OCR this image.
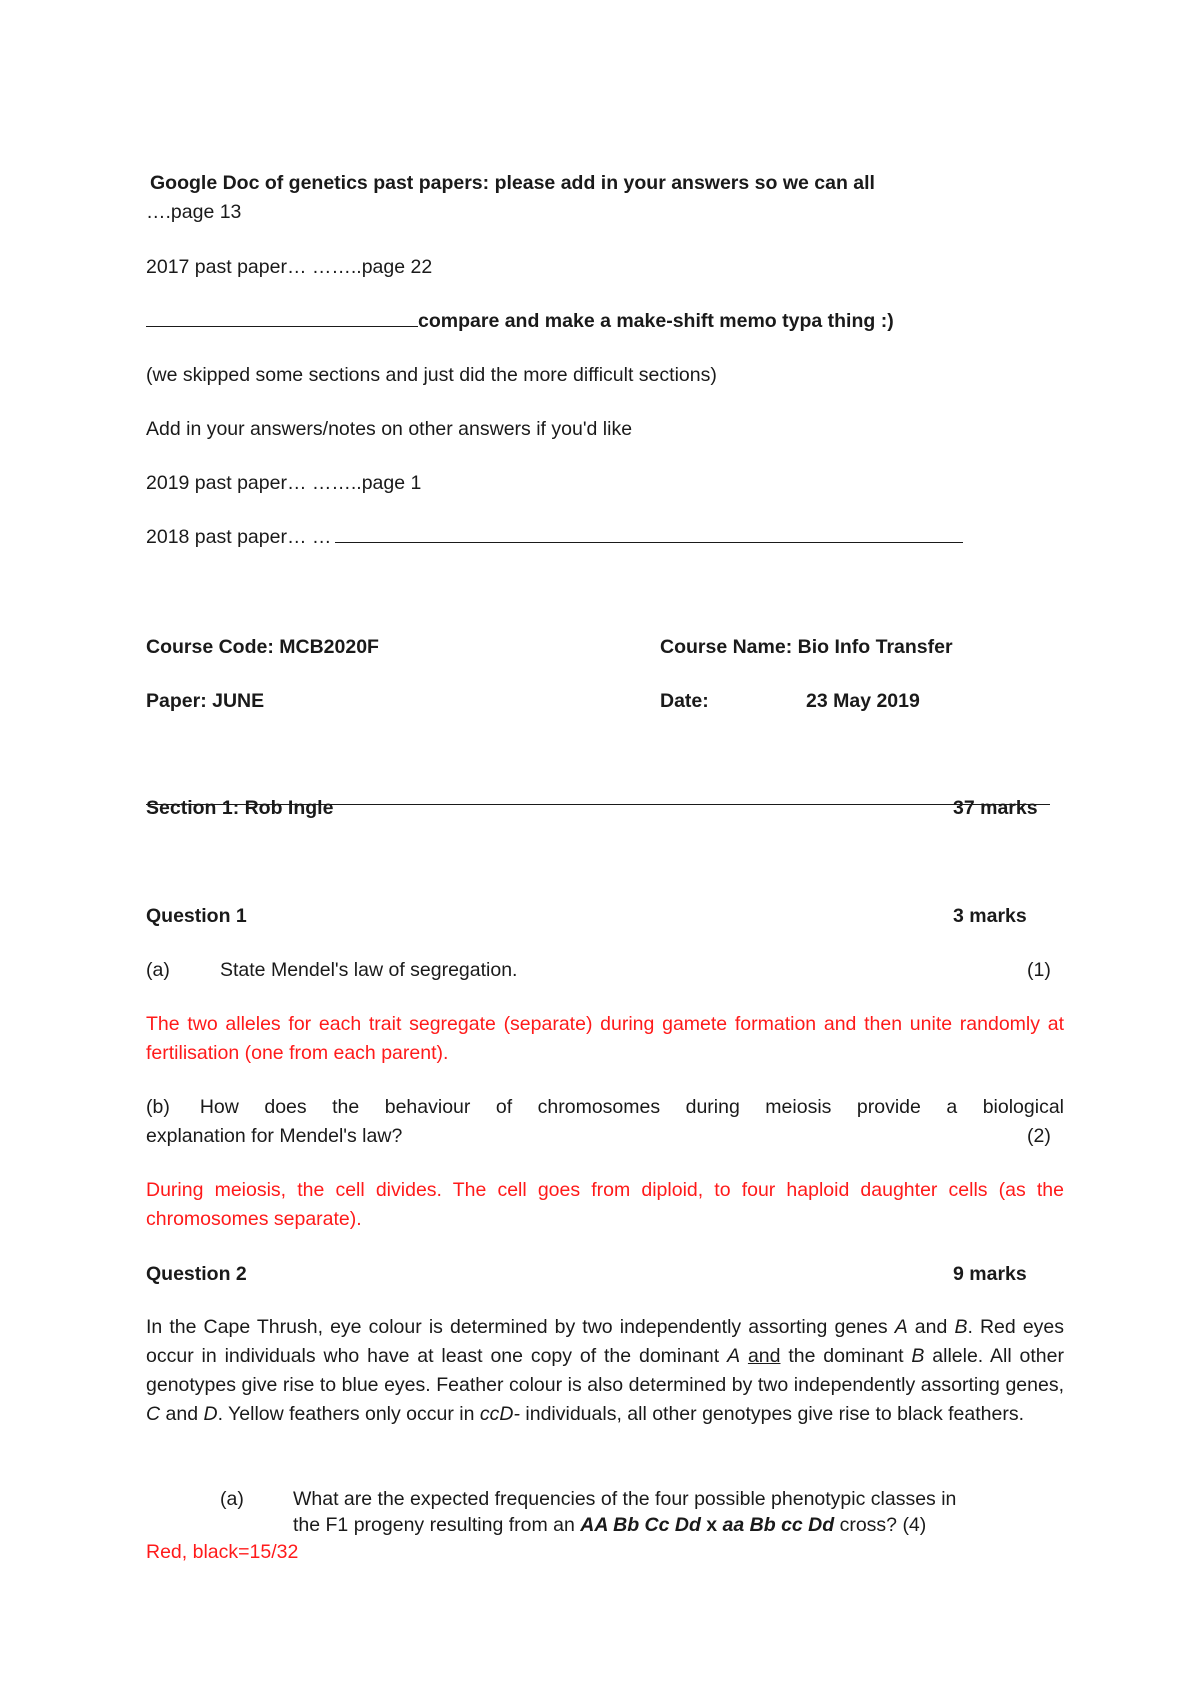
Google Doc of genetics past papers: please add in your answers so we can all
….page 13
2017 past paper… ……..page 22
compare and make a make-shift memo typa thing :)
(we skipped some sections and just did the more difficult sections)
Add in your answers/notes on other answers if you'd like
2019 past paper… ……..page 1
2018 past paper… …
Course Code: MCB2020F	Course Name: Bio Info Transfer
Paper: JUNE	Date:	23 May 2019
Section 1: Rob Ingle	37 marks
Question 1	3 marks
(a)	State Mendel's law of segregation.	(1)
The two alleles for each trait segregate (separate) during gamete formation and then unite randomly at fertilisation (one from each parent).
(b) How does the behaviour of chromosomes during meiosis provide a biological
explanation for Mendel's law?	(2)
During meiosis, the cell divides. The cell goes from diploid, to four haploid daughter cells (as the chromosomes separate).
Question 2	9 marks
In the Cape Thrush, eye colour is determined by two independently assorting genes A and B. Red eyes occur in individuals who have at least one copy of the dominant A and the dominant B allele. All other genotypes give rise to blue eyes. Feather colour is also determined by two independently assorting genes, C and D. Yellow feathers only occur in ccD- individuals, all other genotypes give rise to black feathers.
(a)	What are the expected frequencies of the four possible phenotypic classes in
the F1 progeny resulting from an AA Bb Cc Dd x aa Bb cc Dd cross? (4)
Red, black=15/32
